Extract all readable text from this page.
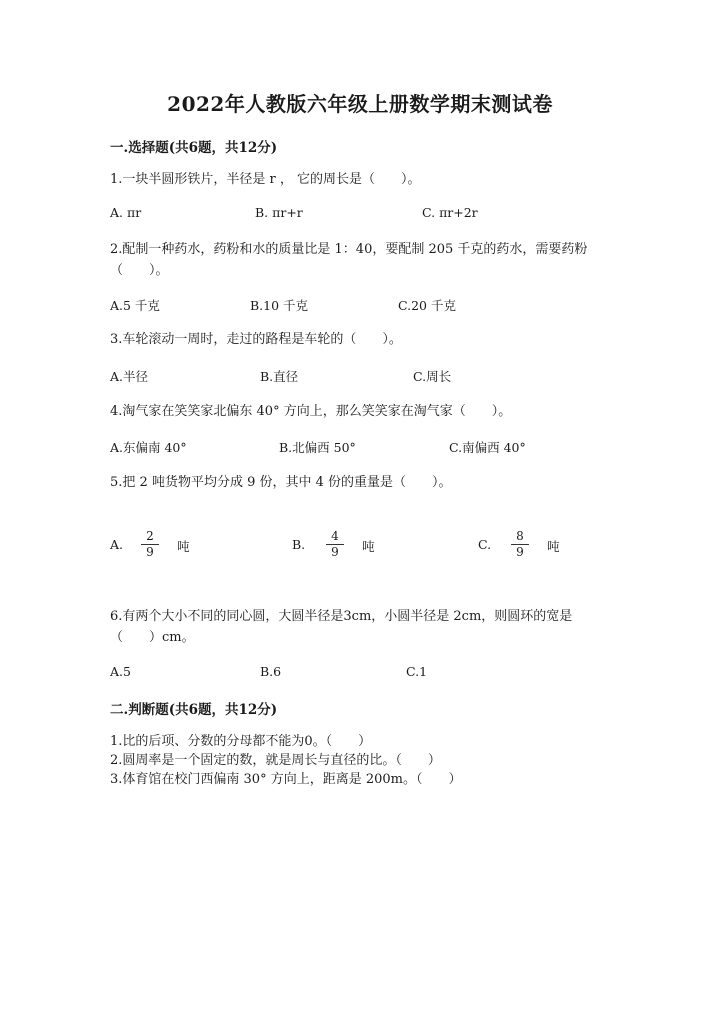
2022年人教版六年级上册数学期末测试卷
一.选择题(共6题，共12分)
1.一块半圆形铁片，半径是 r ， 它的周长是（　　）。
A. πr	B. πr+r	C. πr+2r
2.配制一种药水，药粉和水的质量比是 1：40，要配制 205 千克的药水，需要药粉（　　）。
A.5 千克	B.10 千克	C.20 千克
3.车轮滚动一周时，走过的路程是车轮的（　　）。
A.半径	B.直径	C.周长
4.淘气家在笑笑家北偏东 40° 方向上，那么笑笑家在淘气家（　　）。
A.东偏南 40°	B.北偏西 50°	C.南偏西 40°
5.把 2 吨货物平均分成 9 份，其中 4 份的重量是（　　）。
A. $\frac{2}{9}$ 吨	B. $\frac{4}{9}$ 吨	C. $\frac{8}{9}$ 吨
6.有两个大小不同的同心圆，大圆半径是3cm，小圆半径是 2cm，则圆环的宽是（　　）cm。
A.5	B.6	C.1
二.判断题(共6题，共12分)
1.比的后项、分数的分母都不能为0。（　　）
2.圆周率是一个固定的数，就是周长与直径的比。（　　）
3.体育馆在校门西偏南 30° 方向上，距离是 200m。（　　）
